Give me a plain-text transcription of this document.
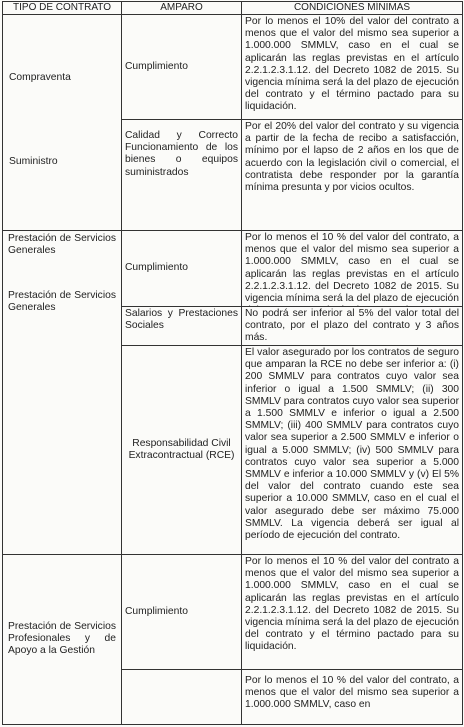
TIPO DE CONTRATO	AMPARO	CONDICIONES MÍNIMAS
Compraventa
Suministro
Cumplimiento
Por lo menos el 10% del valor del contrato a menos que el valor del mismo sea superior a 1.000.000 SMMLV, caso en el cual se aplicarán las reglas previstas en el artículo 2.2.1.2.3.1.12. del Decreto 1082 de 2015. Su vigencia mínima será la del plazo de ejecución del contrato y el término pactado para su liquidación.
Calidad y Correcto Funcionamiento de los bienes o equipos suministrados
Por el 20% del valor del contrato y su vigencia a partir de la fecha de recibo a satisfacción, mínimo por el lapso de 2 años en los que de acuerdo con la legislación civil o comercial, el contratista debe responder por la garantía mínima presunta y por vicios ocultos.
Prestación de Servicios Generales
Prestación de Servicios Generales
Cumplimiento
Por lo menos el 10 % del valor del contrato, a menos que el valor del mismo sea superior a 1.000.000 SMMLV, caso en el cual se aplicarán las reglas previstas en el artículo 2.2.1.2.3.1.12. del Decreto 1082 de 2015. Su vigencia mínima será la del plazo de ejecución
Salarios y Prestaciones Sociales
No podrá ser inferior al 5% del valor total del contrato, por el plazo del contrato y 3 años más.
Responsabilidad Civil Extracontractual (RCE)
El valor asegurado por los contratos de seguro que amparan la RCE no debe ser inferior a: (i) 200 SMMLV para contratos cuyo valor sea inferior o igual a 1.500 SMMLV; (ii) 300 SMMLV para contratos cuyo valor sea superior a 1.500 SMMLV e inferior o igual a 2.500 SMMLV; (iii) 400 SMMLV para contratos cuyo valor sea superior a 2.500 SMMLV e inferior o igual a 5.000 SMMLV; (iv) 500 SMMLV para contratos cuyo valor sea superior a 5.000 SMMLV e inferior a 10.000 SMMLV y (v) El 5% del valor del contrato cuando este sea superior a 10.000 SMMLV, caso en el cual el valor asegurado debe ser máximo 75.000 SMMLV. La vigencia deberá ser igual al período de ejecución del contrato.
Prestación de Servicios Profesionales y de Apoyo a la Gestión
Cumplimiento
Por lo menos el 10 % del valor del contrato a menos que el valor del mismo sea superior a 1.000.000 SMMLV, caso en el cual se aplicarán las reglas previstas en el artículo 2.2.1.2.3.1.12. del Decreto 1082 de 2015. Su vigencia mínima será la del plazo de ejecución del contrato y el término pactado para su liquidación.
Por lo menos el 10 % del valor del contrato, a menos que el valor del mismo sea superior a 1.000.000 SMMLV, caso en
